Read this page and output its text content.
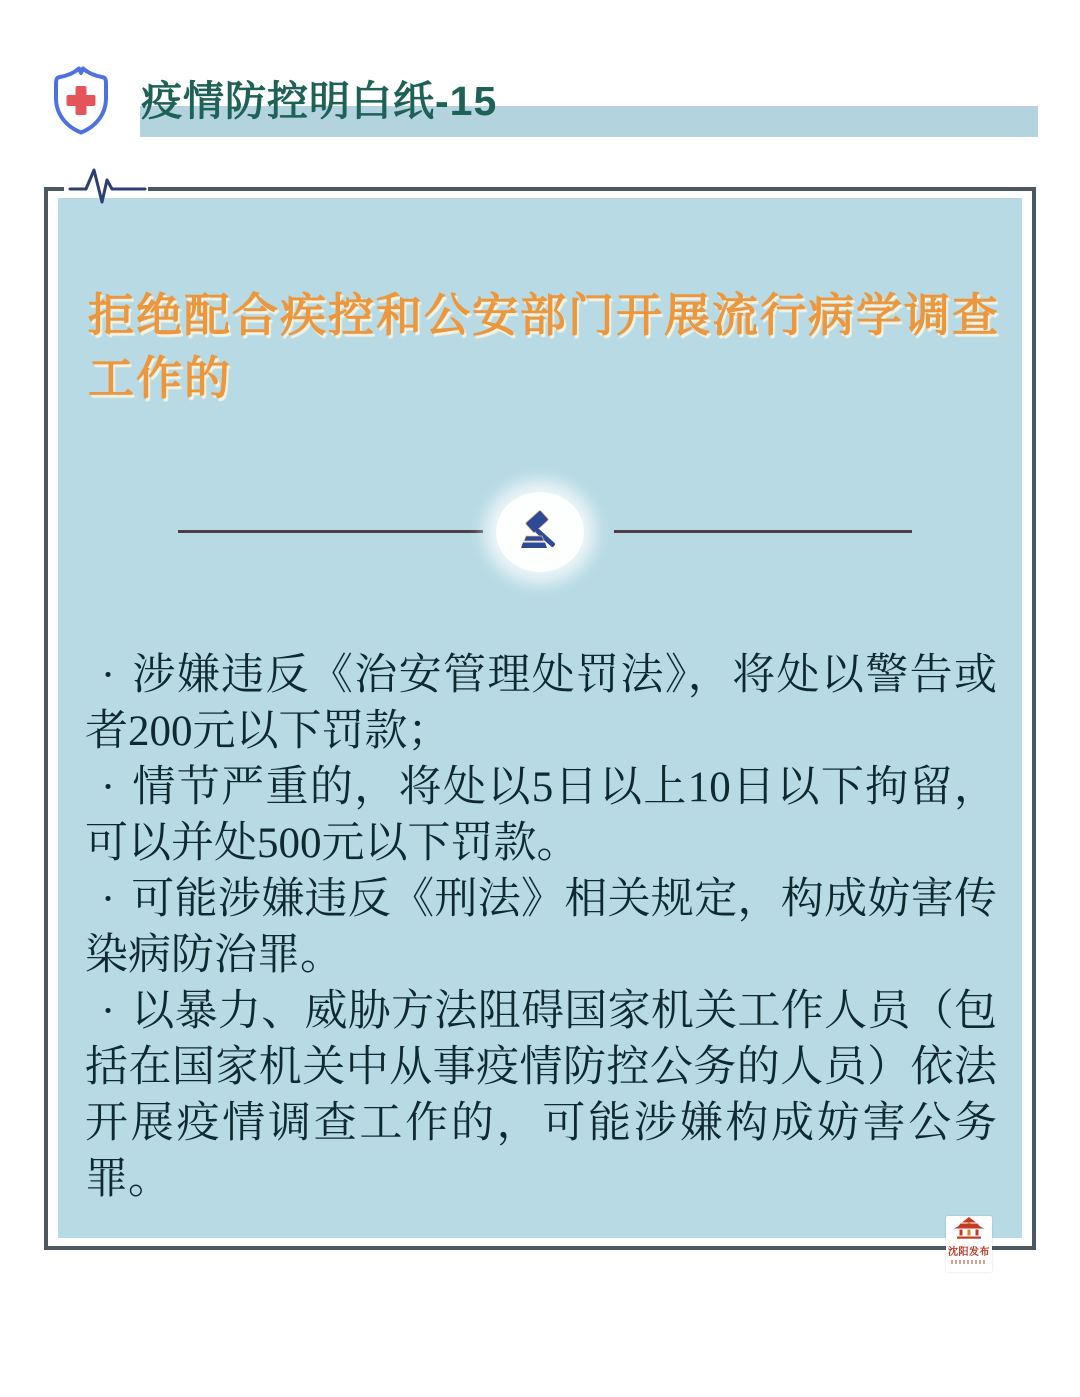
疫情防控明白纸-15
拒绝配合疾控和公安部门开展流行病学调查工作的

· 涉嫌违反《治安管理处罚法》，将处以警告或者200元以下罚款；

· 情节严重的，将处以5日以上10日以下拘留，可以并处500元以下罚款。

· 可能涉嫌违反《刑法》相关规定，构成妨害传染病防治罪。

· 以暴力、威胁方法阻碍国家机关工作人员（包括在国家机关中从事疫情防控公务的人员）依法开展疫情调查工作的，可能涉嫌构成妨害公务罪。

沈阳发布
